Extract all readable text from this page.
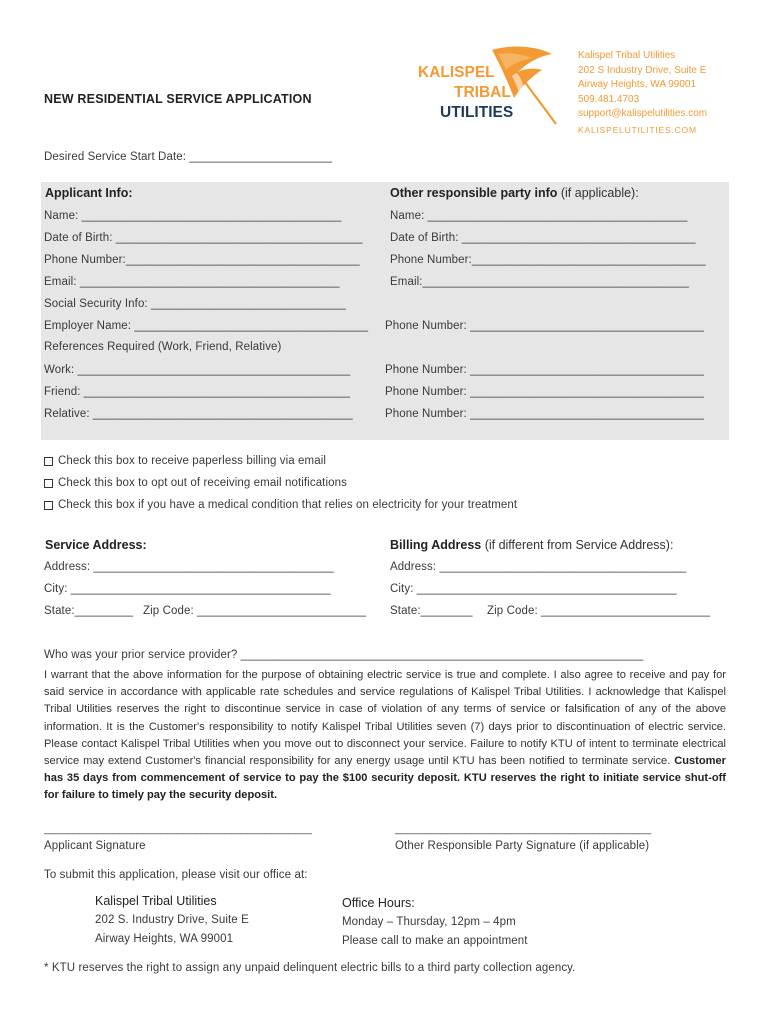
NEW RESIDENTIAL SERVICE APPLICATION
KALISPEL
TRIBAL
UTILITIES
Kalispel Tribal Utilities
202 S Industry Drive, Suite E
Airway Heights, WA 99001
509.481.4703
support@kalispelutilities.com
KALISPELUTILITIES.COM
Desired Service Start Date: ______________________
Applicant Info:	Other responsible party info (if applicable):
Name: ________________________________________	Name: ________________________________________
Date of Birth: ______________________________________	Date of Birth: ____________________________________
Phone Number:____________________________________	Phone Number:____________________________________
Email: ________________________________________	Email:_________________________________________
Social Security Info: ______________________________
Employer Name: ____________________________________	Phone Number: ____________________________________
References Required (Work, Friend, Relative)
Work: __________________________________________	Phone Number: ____________________________________
Friend: _________________________________________	Phone Number: ____________________________________
Relative: ________________________________________	Phone Number: ____________________________________
Check this box to receive paperless billing via email
Check this box to opt out of receiving email notifications
Check this box if you have a medical condition that relies on electricity for your treatment
Service Address:	Billing Address (if different from Service Address):
Address: _____________________________________	Address: ______________________________________
City: ________________________________________	City: ________________________________________
State:_________ Zip Code: __________________________	State:________ Zip Code: __________________________
Who was your prior service provider? ______________________________________________________________
I warrant that the above information for the purpose of obtaining electric service is true and complete. I also agree to receive and pay for said service in accordance with applicable rate schedules and service regulations of Kalispel Tribal Utilities. I acknowledge that Kalispel Tribal Utilities reserves the right to discontinue service in case of violation of any terms of service or falsification of any of the above information. It is the Customer's responsibility to notify Kalispel Tribal Utilities seven (7) days prior to discontinuation of electric service. Please contact Kalispel Tribal Utilities when you move out to disconnect your service. Failure to notify KTU of intent to terminate electrical service may extend Customer's financial responsibility for any energy usage until KTU has been notified to terminate service. Customer has 35 days from commencement of service to pay the $100 security deposit. KTU reserves the right to initiate service shut-off for failure to timely pay the security deposit.
______________________________________________	____________________________________________
Applicant Signature	Other Responsible Party Signature (if applicable)
To submit this application, please visit our office at:
Kalispel Tribal Utilities
202 S. Industry Drive, Suite E
Airway Heights, WA 99001
Office Hours:
Monday – Thursday, 12pm – 4pm
Please call to make an appointment
* KTU reserves the right to assign any unpaid delinquent electric bills to a third party collection agency.
